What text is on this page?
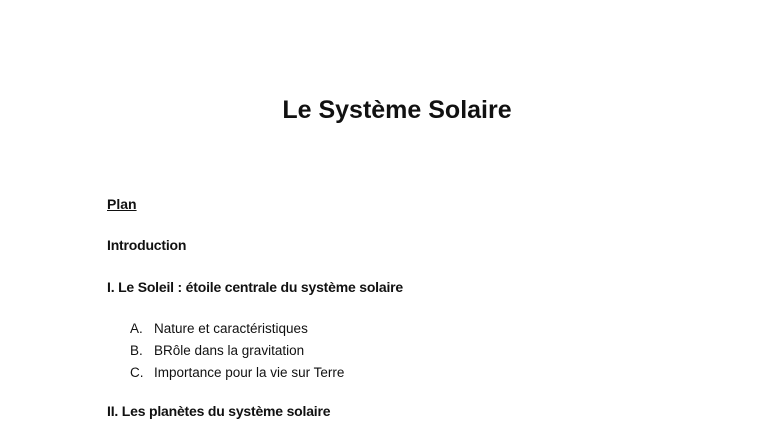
Le Système Solaire

Plan

Introduction

I. Le Soleil : étoile centrale du système solaire

A. Nature et caractéristiques
B. BRôle dans la gravitation
C. Importance pour la vie sur Terre

II. Les planètes du système solaire
